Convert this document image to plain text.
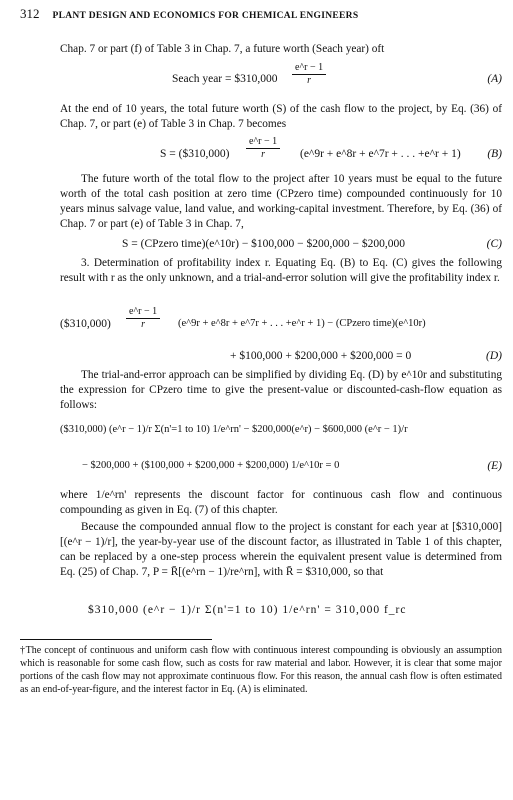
312 PLANT DESIGN AND ECONOMICS FOR CHEMICAL ENGINEERS
Chap. 7 or part (f) of Table 3 in Chap. 7, a future worth (Seach year) oft
Seach year = $310,000 $\frac{e\^{}r - 1}{r}$	(A)
At the end of 10 years, the total future worth (S) of the cash flow to the project, by Eq. (36) of Chap. 7, or part (e) of Table 3 in Chap. 7 becomes
S = ($310,000) $\frac{e\^{}r - 1}{r}$ (e^9r + e^8r + e^7r + . . . +e^r + 1) (B)
The future worth of the total flow to the project after 10 years must be equal to the future worth of the total cash position at zero time (CPzero time) compounded continuously for 10 years minus salvage value, land value, and working-capital investment. Therefore, by Eq. (36) of Chap. 7 or part (e) of Table 3 in Chap. 7,
S = (CPzero time)(e^10r) − $100,000 − $200,000 − $200,000	(C)
3. Determination of profitability index r. Equating Eq. (B) to Eq. (C) gives the following result with r as the only unknown, and a trial-and-error solution will give the profitability index r.
($310,000) $\frac{e\^{}r - 1}{r}$ (e^9r + e^8r + e^7r + . . . +e^r + 1) − (CPzero time)(e^10r)
+ $100,000 + $200,000 + $200,000 = 0	(D)
The trial-and-error approach can be simplified by dividing Eq. (D) by e^10r and substituting the expression for CPzero time to give the present-value or discounted-cash-flow equation as follows:
($310,000) (e^r − 1)/r Σ(n'=1 to 10) 1/e^rn' − $200,000(e^r) − $600,000 (e^r − 1)/r
− $200,000 + ($100,000 + $200,000 + $200,000) 1/e^10r = 0	(E)
where 1/e^rn' represents the discount factor for continuous cash flow and continuous compounding as given in Eq. (7) of this chapter.
Because the compounded annual flow to the project is constant for each year at [$310,000][(e^r − 1)/r], the year-by-year use of the discount factor, as illustrated in Table 1 of this chapter, can be replaced by a one-step process wherein the equivalent present value is determined from Eq. (25) of Chap. 7, P = R̄[(e^rn − 1)/re^rn], with R̄ = $310,000, so that
$310,000 (e^r − 1)/r Σ(n'=1 to 10) 1/e^rn' = 310,000 f_rc
†The concept of continuous and uniform cash flow with continuous interest compounding is obviously an assumption which is reasonable for some cash flow, such as costs for raw material and labor. However, it is clear that some major portions of the cash flow may not approximate continuous flow. For this reason, the annual cash flow is often estimated as an end-of-year-figure, and the interest factor in Eq. (A) is eliminated.
